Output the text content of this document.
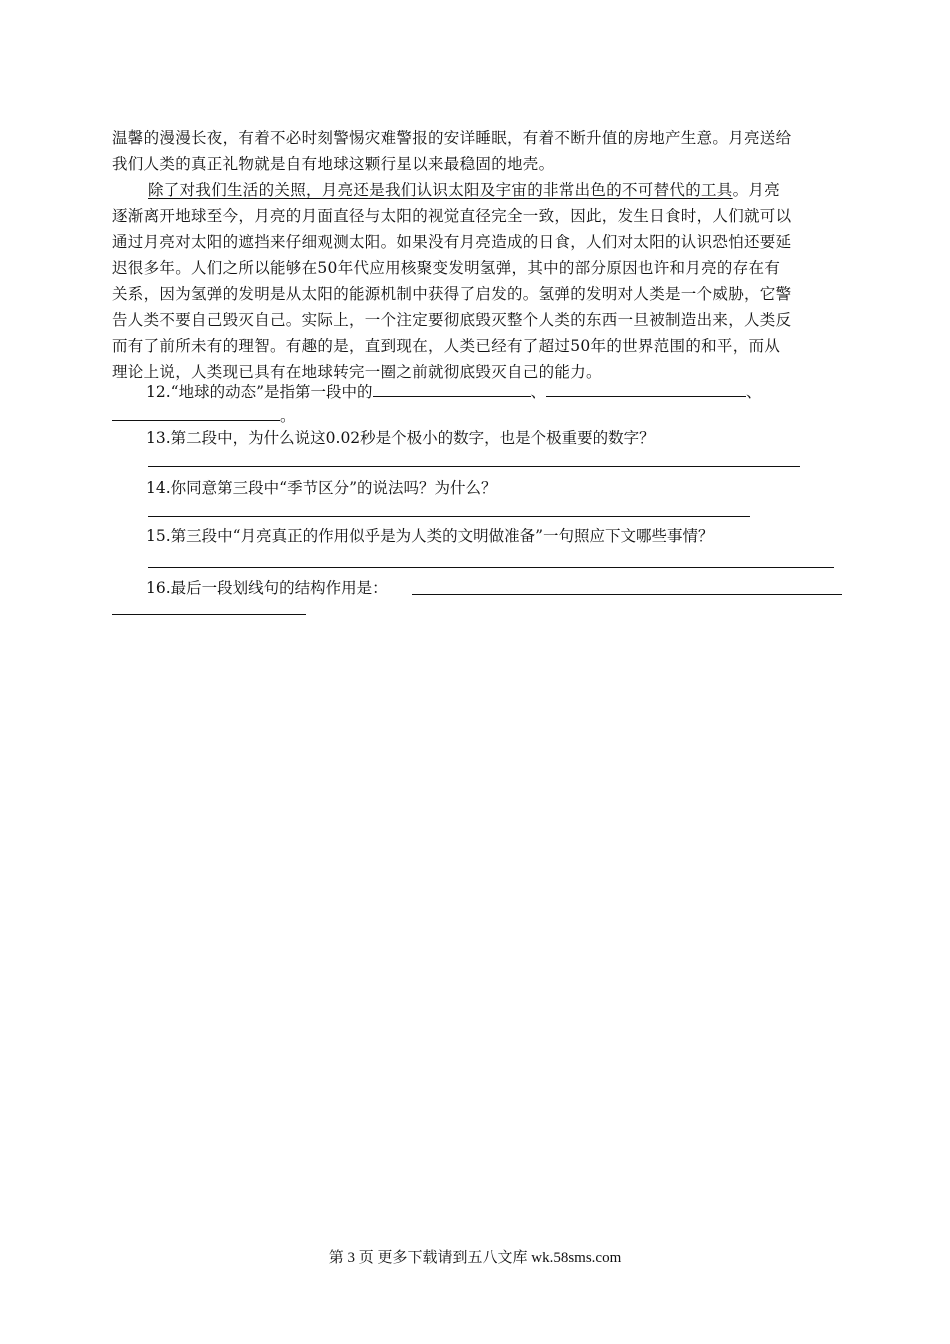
温馨的漫漫长夜，有着不必时刻警惕灾难警报的安详睡眠，有着不断升值的房地产生意。月亮送给
我们人类的真正礼物就是自有地球这颗行星以来最稳固的地壳。
除了对我们生活的关照，月亮还是我们认识太阳及宇宙的非常出色的不可替代的工具。月亮
逐渐离开地球至今，月亮的月面直径与太阳的视觉直径完全一致，因此，发生日食时，人们就可以
通过月亮对太阳的遮挡来仔细观测太阳。如果没有月亮造成的日食，人们对太阳的认识恐怕还要延
迟很多年。人们之所以能够在50年代应用核聚变发明氢弹，其中的部分原因也许和月亮的存在有
关系，因为氢弹的发明是从太阳的能源机制中获得了启发的。氢弹的发明对人类是一个威胁，它警
告人类不要自己毁灭自己。实际上，一个注定要彻底毁灭整个人类的东西一旦被制造出来，人类反
而有了前所未有的理智。有趣的是，直到现在，人类已经有了超过50年的世界范围的和平，而从
理论上说，人类现已具有在地球转完一圈之前就彻底毁灭自己的能力。
12.“地球的动态”是指第一段中的	、	、
。
13.第二段中，为什么说这0.02秒是个极小的数字，也是个极重要的数字？
14.你同意第三段中“季节区分”的说法吗？为什么？
15.第三段中“月亮真正的作用似乎是为人类的文明做准备”一句照应下文哪些事情？
16.最后一段划线句的结构作用是：
第 3 页 更多下载请到五八文库 wk.58sms.com
